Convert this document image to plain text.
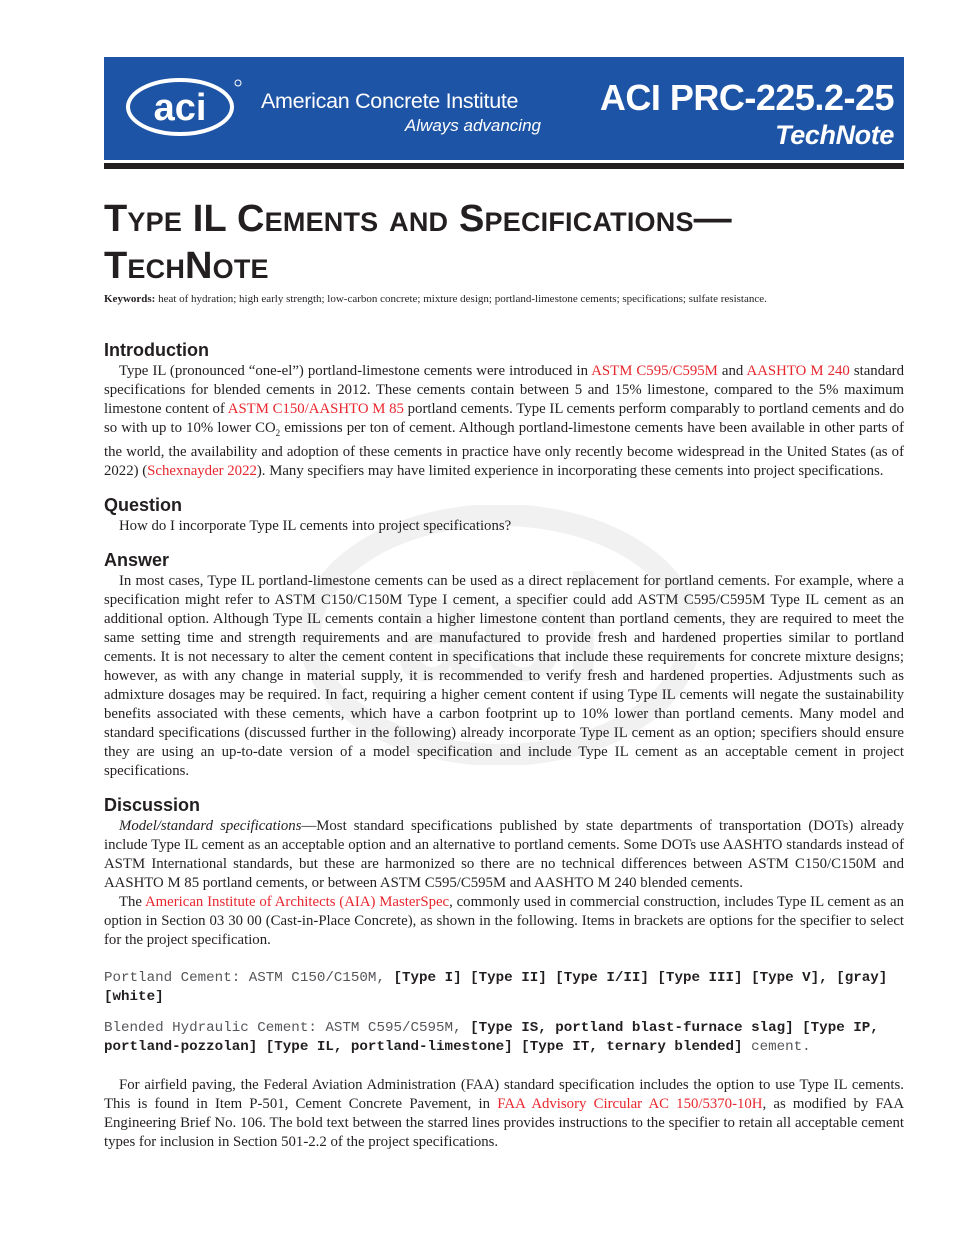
aci
aci	American Concrete Institute
Always advancing
ACI PRC-225.2-25
TechNote
Type IL Cements and Specifications—
TechNote
Keywords: heat of hydration; high early strength; low-carbon concrete; mixture design; portland-limestone cements; specifications; sulfate resistance.
Introduction

Type IL (pronounced “one-el”) portland-limestone cements were introduced in ASTM C595/C595M and AASHTO M 240 standard specifications for blended cements in 2012. These cements contain between 5 and 15% limestone, compared to the 5% maximum limestone content of ASTM C150/AASHTO M 85 portland cements. Type IL cements perform comparably to portland cements and do so with up to 10% lower $CO_2$ emissions per ton of cement. Although portland-limestone cements have been available in other parts of the world, the availability and adoption of these cements in practice have only recently become widespread in the United States (as of 2022) (Schexnayder 2022). Many specifiers may have limited experience in incorporating these cements into project specifications.

Question

How do I incorporate Type IL cements into project specifications?

Answer

In most cases, Type IL portland-limestone cements can be used as a direct replacement for portland cements. For example, where a specification might refer to ASTM C150/C150M Type I cement, a specifier could add ASTM C595/C595M Type IL cement as an additional option. Although Type IL cements contain a higher limestone content than portland cements, they are required to meet the same setting time and strength requirements and are manufactured to provide fresh and hardened properties similar to portland cements. It is not necessary to alter the cement content in specifications that include these requirements for concrete mixture designs; however, as with any change in material supply, it is recommended to verify fresh and hardened properties. Adjustments such as admixture dosages may be required. In fact, requiring a higher cement content if using Type IL cements will negate the sustainability benefits associated with these cements, which have a carbon footprint up to 10% lower than portland cements. Many model and standard specifications (discussed further in the following) already incorporate Type IL cement as an option; specifiers should ensure they are using an up-to-date version of a model specification and include Type IL cement as an acceptable cement in project specifications.

Discussion

Model/standard specifications—Most standard specifications published by state departments of transportation (DOTs) already include Type IL cement as an acceptable option and an alternative to portland cements. Some DOTs use AASHTO standards instead of ASTM International standards, but these are harmonized so there are no technical differences between ASTM C150/C150M and AASHTO M 85 portland cements, or between ASTM C595/C595M and AASHTO M 240 blended cements.

The American Institute of Architects (AIA) MasterSpec, commonly used in commercial construction, includes Type IL cement as an option in Section 03 30 00 (Cast-in-Place Concrete), as shown in the following. Items in brackets are options for the specifier to select for the project specification.

Portland Cement: ASTM C150/C150M, [Type I] [Type II] [Type I/II] [Type III] [Type V], [gray] [white]

Blended Hydraulic Cement: ASTM C595/C595M, [Type IS, portland blast-furnace slag] [Type IP, portland-pozzolan] [Type IL, portland-limestone] [Type IT, ternary blended] cement.

For airfield paving, the Federal Aviation Administration (FAA) standard specification includes the option to use Type IL cements. This is found in Item P-501, Cement Concrete Pavement, in FAA Advisory Circular AC 150/5370-10H, as modified by FAA Engineering Brief No. 106. The bold text between the starred lines provides instructions to the specifier to retain all acceptable cement types for inclusion in Section 501-2.2 of the project specifications.
